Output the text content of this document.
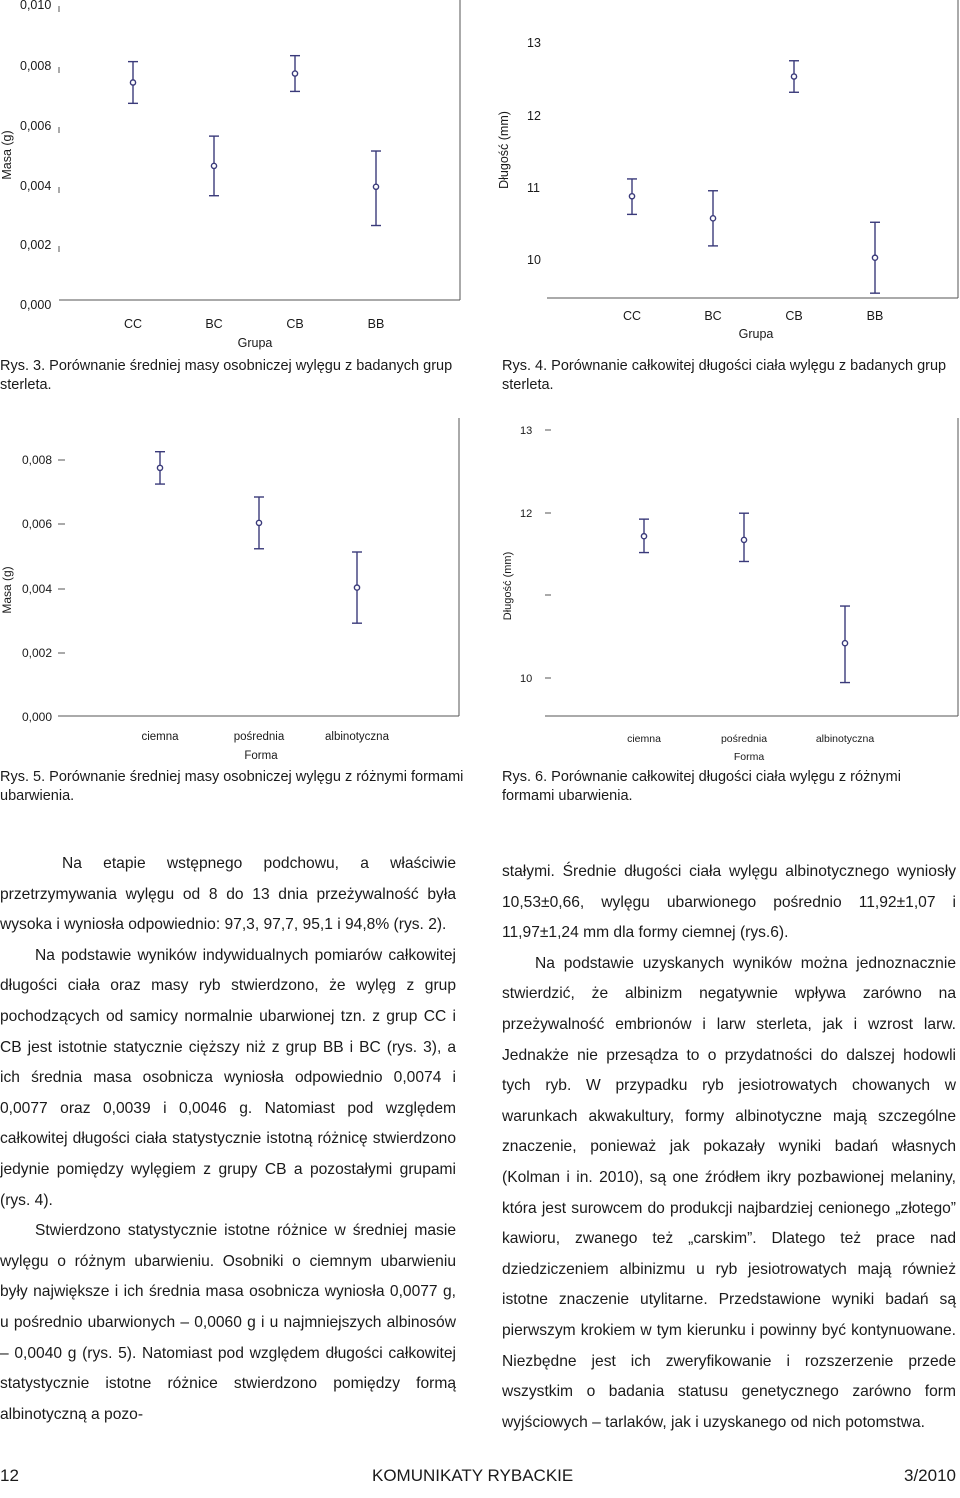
Masa (g)
0,010
0,008
0,006
0,004
0,002
0,000
CC	BC	CB	BB
Grupa

Rys. 3. Porównanie średniej masy osobniczej wylęgu z badanych grup sterleta.

Długość (mm)
13
12
11
10
CC	BC	CB	BB
Grupa

Rys. 4. Porównanie całkowitej długości ciała wylęgu z badanych grup sterleta.

Masa (g)
0,008
0,006
0,004
0,002
0,000
ciemna	pośrednia	albinotyczna
Forma

Rys. 5. Porównanie średniej masy osobniczej wylęgu z różnymi formami ubarwienia.

Długość (mm)
13
12
10
ciemna	pośrednia	albinotyczna
Forma

Rys. 6. Porównanie całkowitej długości ciała wylęgu z różnymi formami ubarwienia.

Na etapie wstępnego podchowu, a właściwie przetrzymywania wylęgu od 8 do 13 dnia przeżywalność była wysoka i wyniosła odpowiednio: 97,3, 97,7, 95,1 i 94,8% (rys. 2).

Na podstawie wyników indywidualnych pomiarów całkowitej długości ciała oraz masy ryb stwierdzono, że wylęg z grup pochodzących od samicy normalnie ubarwionej tzn. z grup CC i CB jest istotnie statycznie cięższy niż z grup BB i BC (rys. 3), a ich średnia masa osobnicza wyniosła odpowiednio 0,0074 i 0,0077 oraz 0,0039 i 0,0046 g. Natomiast pod względem całkowitej długości ciała statystycznie istotną różnicę stwierdzono jedynie pomiędzy wylęgiem z grupy CB a pozostałymi grupami (rys. 4).

Stwierdzono statystycznie istotne różnice w średniej masie wylęgu o różnym ubarwieniu. Osobniki o ciemnym ubarwieniu były największe i ich średnia masa osobnicza wyniosła 0,0077 g, u pośrednio ubarwionych – 0,0060 g i u najmniejszych albinosów – 0,0040 g (rys. 5). Natomiast pod względem długości całkowitej statystycznie istotne różnice stwierdzono pomiędzy formą albinotyczną a pozo-

stałymi. Średnie długości ciała wylęgu albinotycznego wyniosły 10,53±0,66, wylęgu ubarwionego pośrednio 11,92±1,07 i 11,97±1,24 mm dla formy ciemnej (rys.6).

Na podstawie uzyskanych wyników można jednoznacznie stwierdzić, że albinizm negatywnie wpływa zarówno na przeżywalność embrionów i larw sterleta, jak i wzrost larw. Jednakże nie przesądza to o przydatności do dalszej hodowli tych ryb. W przypadku ryb jesiotrowatych chowanych w warunkach akwakultury, formy albinotyczne mają szczególne znaczenie, ponieważ jak pokazały wyniki badań własnych (Kolman i in. 2010), są one źródłem ikry pozbawionej melaniny, która jest surowcem do produkcji najbardziej cenionego „złotego” kawioru, zwanego też „carskim”. Dlatego też prace nad dziedziczeniem albinizmu u ryb jesiotrowatych mają również istotne znaczenie utylitarne. Przedstawione wyniki badań są pierwszym krokiem w tym kierunku i powinny być kontynuowane. Niezbędne jest ich zweryfikowanie i rozszerzenie przede wszystkim o badania statusu genetycznego zarówno form wyjściowych – tarlaków, jak i uzyskanego od nich potomstwa.

12	KOMUNIKATY RYBACKIE	3/2010
